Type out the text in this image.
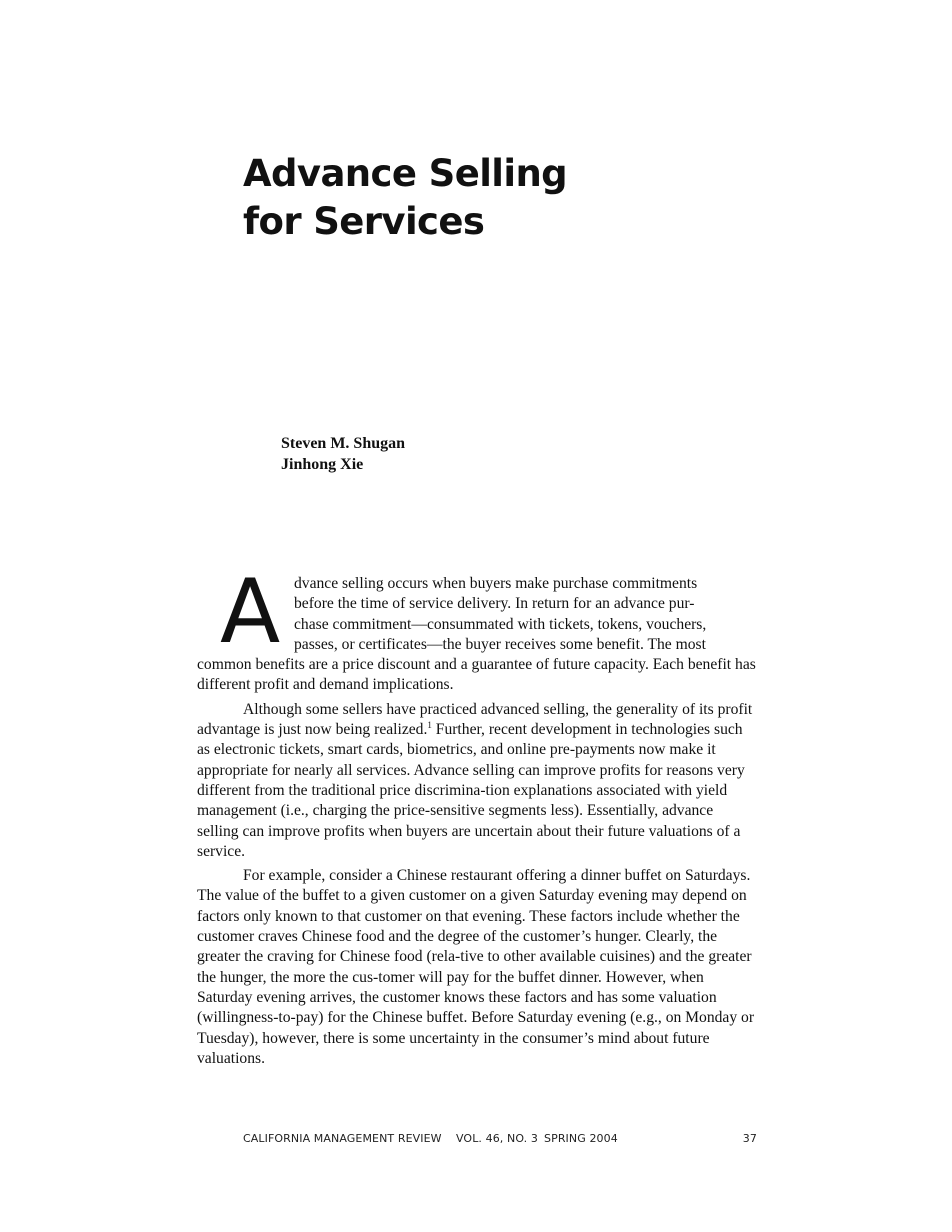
Advance Selling
for Services
Steven M. Shugan
Jinhong Xie
A dvance selling occurs when buyers make purchase commitments
before the time of service delivery. In return for an advance pur-
chase commitment—consummated with tickets, tokens, vouchers,
passes, or certificates—the buyer receives some benefit. The most
common benefits are a price discount and a guarantee of future capacity. Each benefit has different profit and demand implications.

Although some sellers have practiced advanced selling, the generality of its profit advantage is just now being realized.$^1$ Further, recent development in technologies such as electronic tickets, smart cards, biometrics, and online pre-payments now make it appropriate for nearly all services. Advance selling can improve profits for reasons very different from the traditional price discrimina-tion explanations associated with yield management (i.e., charging the price-sensitive segments less). Essentially, advance selling can improve profits when buyers are uncertain about their future valuations of a service.

For example, consider a Chinese restaurant offering a dinner buffet on Saturdays. The value of the buffet to a given customer on a given Saturday evening may depend on factors only known to that customer on that evening. These factors include whether the customer craves Chinese food and the degree of the customer’s hunger. Clearly, the greater the craving for Chinese food (rela-tive to other available cuisines) and the greater the hunger, the more the cus-tomer will pay for the buffet dinner. However, when Saturday evening arrives, the customer knows these factors and has some valuation (willingness-to-pay) for the Chinese buffet. Before Saturday evening (e.g., on Monday or Tuesday), however, there is some uncertainty in the consumer’s mind about future valuations.

CALIFORNIA MANAGEMENT REVIEW VOL. 46, NO. 3 SPRING 2004	37
